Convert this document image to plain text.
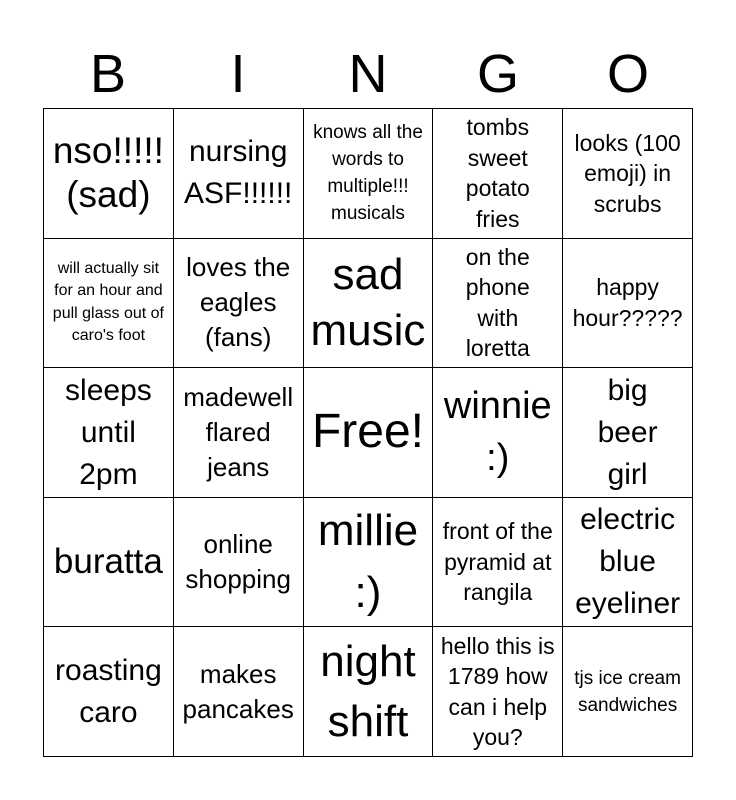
B	I	N	G	O
nso!!!!! (sad)
nursing ASF!!!!!!
knows all the words to multiple!!! musicals
tombs sweet potato fries
looks (100 emoji) in scrubs
will actually sit for an hour and pull glass out of caro's foot
loves the eagles (fans)
sad music
on the phone with loretta
happy hour?????
sleeps until 2pm
madewell flared jeans
Free! winnie :)
big beer girl
buratta	online shopping
millie :)
front of the pyramid at rangila
electric blue eyeliner
roasting caro
makes pancakes
night shift
hello this is 1789 how can i help you?
tjs ice cream sandwiches
